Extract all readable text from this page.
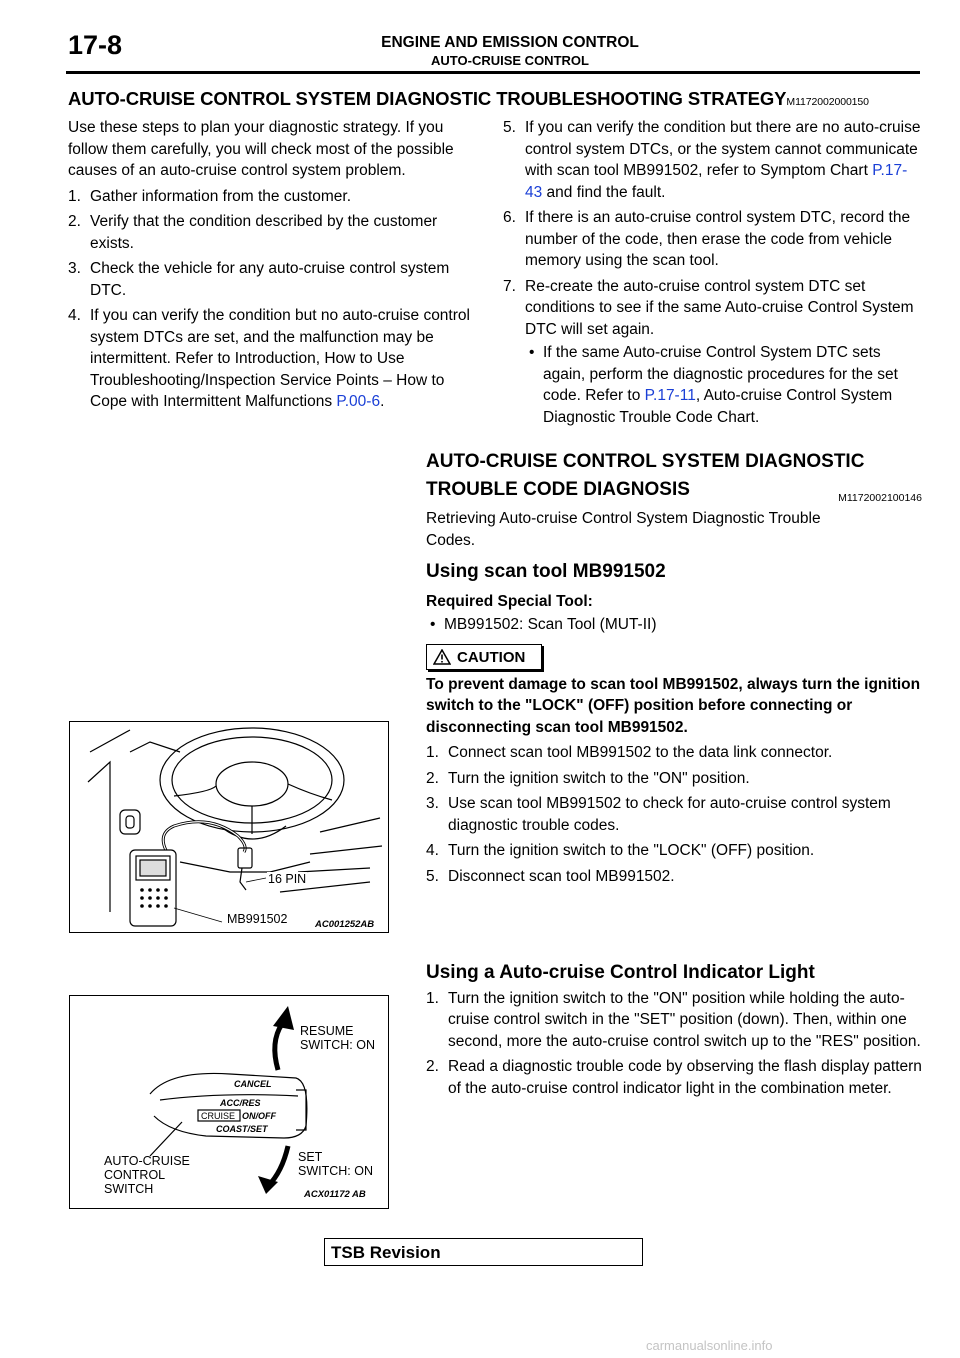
17-8	ENGINE AND EMISSION CONTROL
AUTO-CRUISE CONTROL
AUTO-CRUISE CONTROL SYSTEM DIAGNOSTIC TROUBLESHOOTING STRATEGYM1172002000150

Use these steps to plan your diagnostic strategy. If you follow them carefully, you will check most of the possible causes of an auto-cruise control system problem.

1. Gather information from the customer.
2. Verify that the condition described by the customer exists.
3. Check the vehicle for any auto-cruise control system DTC.
4. If you can verify the condition but no auto-cruise control system DTCs are set, and the malfunction may be intermittent. Refer to Introduction, How to Use Troubleshooting/Inspection Service Points – How to Cope with Intermittent Malfunctions P.00-6.
5. If you can verify the condition but there are no auto-cruise control system DTCs, or the system cannot communicate with scan tool MB991502, refer to Symptom Chart P.17-43 and find the fault.
6. If there is an auto-cruise control system DTC, record the number of the code, then erase the code from vehicle memory using the scan tool.
7. Re-create the auto-cruise control system DTC set conditions to see if the same Auto-cruise Control System DTC will set again.
• If the same Auto-cruise Control System DTC sets again, perform the diagnostic procedures for the set code. Refer to P.17-11, Auto-cruise Control System Diagnostic Trouble Code Chart.
AUTO-CRUISE CONTROL SYSTEM DIAGNOSTIC TROUBLE CODE DIAGNOSIS	M1172002100146

Retrieving Auto-cruise Control System Diagnostic Trouble Codes.

Using scan tool MB991502

Required Special Tool:

• MB991502: Scan Tool (MUT-II)
CAUTION

To prevent damage to scan tool MB991502, always turn the ignition switch to the "LOCK" (OFF) position before connecting or disconnecting scan tool MB991502.

1. Connect scan tool MB991502 to the data link connector.
2. Turn the ignition switch to the "ON" position.
3. Use scan tool MB991502 to check for auto-cruise control system diagnostic trouble codes.
4. Turn the ignition switch to the "LOCK" (OFF) position.
5. Disconnect scan tool MB991502.
Using a Auto-cruise Control Indicator Light
1. Turn the ignition switch to the "ON" position while holding the auto-cruise control switch in the "SET" position (down). Then, within one second, more the auto-cruise control switch up to the "RES" position.
2. Read a diagnostic trouble code by observing the flash display pattern of the auto-cruise control indicator light in the combination meter.
16 PIN
MB991502	AC001252AB
CANCEL
ACC/RES
CRUISE ON/OFF
COAST/SET
RESUME
SWITCH: ON
SET
SWITCH: ON
AUTO-CRUISE
CONTROL
SWITCH	ACX01172 AB
TSB Revision
carmanualsonline.info
